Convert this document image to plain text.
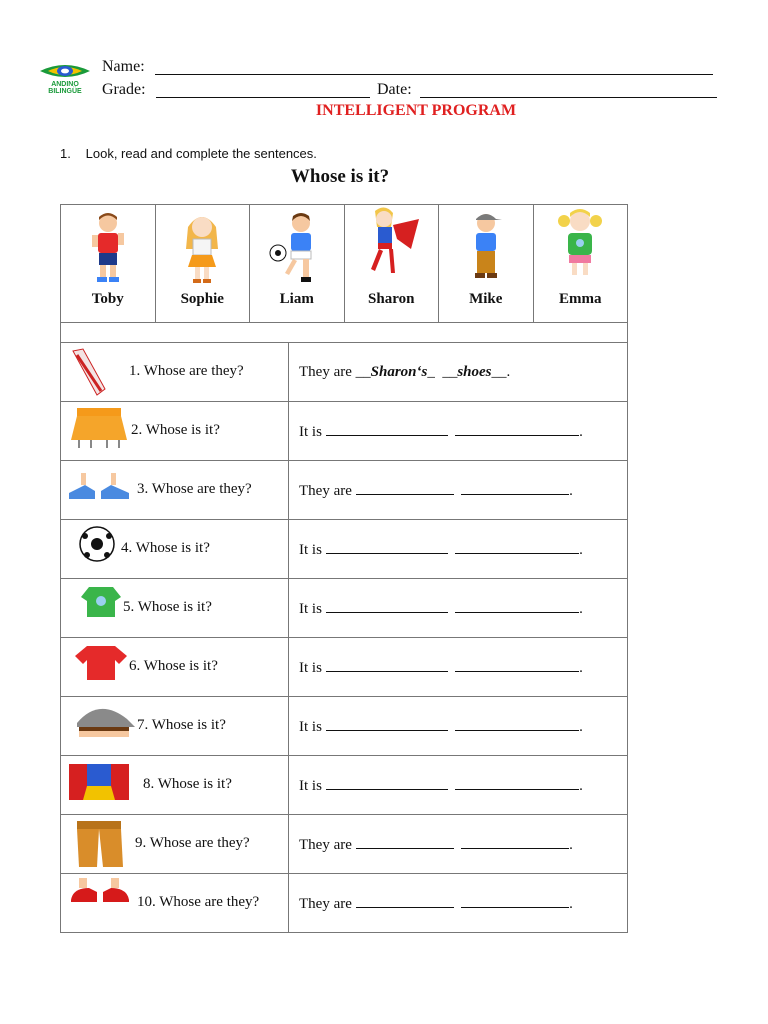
ANDINO BILINGÜE
Name:
Grade:	Date:
INTELLIGENT PROGRAM
1. Look, read and complete the sentences.
Whose is it?
Toby	Sophie	Liam	Sharon	Mike	Emma
1. Whose are they?	They are __Sharon‘s_ __shoes__.

2. Whose is it?	It is .

3. Whose are they?	They are .

4. Whose is it?	It is .

5. Whose is it?	It is .

6. Whose is it?	It is .

7. Whose is it?	It is .

8. Whose is it?	It is .

9. Whose are they?	They are .

10. Whose are they?	They are .
